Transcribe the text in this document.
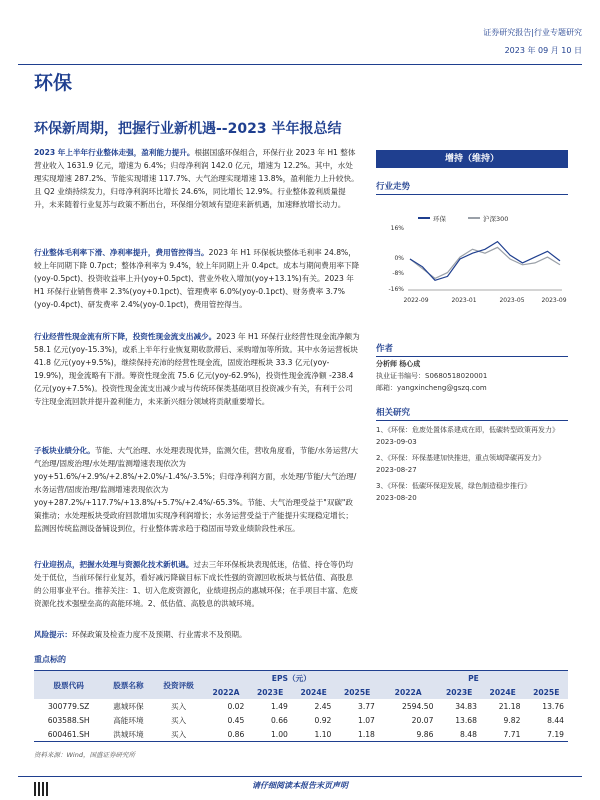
证券研究报告|行业专题研究
2023 年 09 月 10 日
环保
环保新周期，把握行业新机遇--2023 半年报总结

2023 年上半年行业整体走强，盈利能力提升。根据国盛环保组合，环保行业 2023 年 H1 整体营业收入 1631.9 亿元，增速为 6.4%；归母净利润 142.0 亿元，增速为 12.2%。其中，水处理实现增速 287.2%、节能实现增速 117.7%、大气治理实现增速 13.8%，盈利能力上升较快。且 Q2 业绩持续发力，归母净利润环比增长 24.6%，同比增长 12.9%。行业整体盈利质量提升，未来随着行业复苏与政策不断出台，环保细分领域有望迎来新机遇，加速释放增长动力。

行业整体毛利率下滑、净利率提升，费用管控得当。2023 年 H1 环保板块整体毛利率 24.8%，较上年同期下降 0.7pct；整体净利率为 9.4%，较上年同期上升 0.4pct。成本与期间费用率下降(yoy-0.5pct)、投资收益率上升(yoy+0.5pct)、营业外收入增加(yoy+13.1%)有关。2023 年 H1 环保行业销售费率 2.3%(yoy+0.1pct)、管理费率 6.0%(yoy-0.1pct)、财务费率 3.7%(yoy-0.4pct)、研发费率 2.4%(yoy-0.1pct)，费用管控得当。

行业经营性现金流有所下降，投资性现金流支出减少。2023 年 H1 环保行业经营性现金流净额为 58.1 亿元(yoy-15.3%)，或系上半年行业恢复期收款滞后、采购增加等所致。其中水务运营板块 41.8 亿元(yoy+9.5%)，继续保持充沛的经营性现金流，固废治理板块 33.3 亿元(yoy-19.9%)，现金流略有下滑。筹资性现金流 75.6 亿元(yoy-62.9%)，投资性现金流净额 -238.4 亿元(yoy+7.5%)。投资性现金流支出减少或与传统环保类基础项目投资减少有关，有利于公司专注现金流回款并提升盈利能力，未来新兴细分领域将贡献重要增长。

子板块业绩分化。节能、大气治理、水处理表现优异，监测欠佳，营收角度看，节能/水务运营/大气治理/固废治理/水处理/监测增速表现依次为 yoy+51.6%/+2.9%/+2.8%/+2.0%/-1.4%/-3.5%；归母净利润方面，水处理/节能/大气治理/水务运营/固废治理/监测增速表现依次为 yoy+287.2%/+117.7%/+13.8%/+5.7%/+2.4%/-65.3%。节能、大气治理受益于"双碳"政策推动；水处理板块受政府回款增加实现净利润增长；水务运营受益于产能提升实现稳定增长；监测因传统监测设备铺设到位，行业整体需求趋于稳固而导致业绩阶段性承压。

行业迎拐点，把握水处理与资源化技术新机遇。过去三年环保板块表现低迷，估值、持仓等仍均处于低位，当前环保行业复苏，看好减污降碳目标下成长性强的资源回收板块与低估值、高股息的公用事业平台。推荐关注：1、切入危废资源化，业绩迎拐点的惠城环保；在手项目丰富、危废资源化技术强壁垒高的高能环境。2、低估值、高股息的洪城环境。

风险提示：环保政策及检查力度不及预期、行业需求不及预期。

增持（维持）
行业走势
环保	沪深300
16%
0%
-8%
-16%
2022-09	2023-01	2023-05	2023-09
作者
分析师 杨心成
执业证书编号：S0680518020001
邮箱：yangxincheng@gszq.com
相关研究
1、《环保：危废处置体系建成在即，低碳转型政策再发力》
2023-09-03
2、《环保：环保基建加快推进，重点领域降碳再发力》
2023-08-27
3、《环保：低碳环保迎发展，绿色制造稳步推行》
2023-08-20
重点标的
股票代码	股票名称	投资评级	EPS（元）				PE			
			2022A	2023E	2024E	2025E	2022A	2023E	2024E	2025E
300779.SZ	惠城环保	买入	0.02	1.49	2.45	3.77	2594.50	34.83	21.18	13.76
603588.SH	高能环境	买入	0.45	0.66	0.92	1.07	20.07	13.68	9.82	8.44
600461.SH	洪城环境	买入	0.86	1.00	1.10	1.18	9.86	8.48	7.71	7.19
资料来源：Wind，国盛证券研究所
请仔细阅读本报告末页声明
